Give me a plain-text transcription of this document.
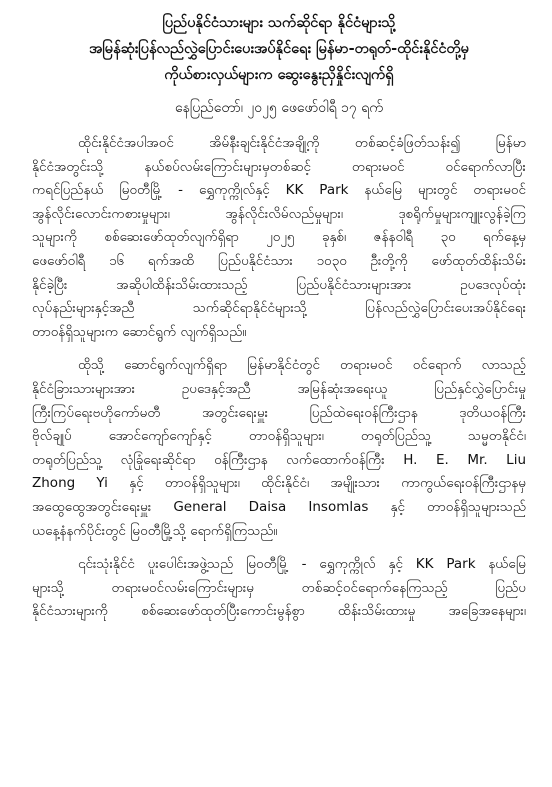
ပြည်ပနိုင်ငံသားများ သက်ဆိုင်ရာ နိုင်ငံများသို့
အမြန်ဆုံးပြန်လည်လွှဲပြောင်းပေးအပ်နိုင်ရေး မြန်မာ-တရုတ်-ထိုင်းနိုင်ငံတို့မှ
ကိုယ်စားလှယ်များက ဆွေးနွေးညှိနှိုင်းလျက်ရှိ
နေပြည်တော်၊ ၂၀၂၅ ဖေဖော်ဝါရီ ၁၇ ရက်

ထိုင်းနိုင်ငံအပါအဝင် အိမ်နီးချင်းနိုင်ငံအချို့ကို တစ်ဆင့်ခံဖြတ်သန်း၍ မြန်မာ
နိုင်ငံအတွင်းသို့ နယ်စပ်လမ်းကြောင်းများမှတစ်ဆင့် တရားမဝင် ဝင်ရောက်လာပြီး
ကရင်ပြည်နယ် မြဝတီမြို့ - ရွှေကုက္ကိုလ်နှင့် KK Park နယ်မြေ များတွင် တရားမဝင်
အွန်လိုင်းလောင်းကစားမှုများ၊ အွန်လိုင်းလိမ်လည်မှုများ၊ ဒုစရိုက်မှုများကျူးလွန်ခဲ့ကြ
သူများကို စစ်ဆေးဖော်ထုတ်လျက်ရှိရာ ၂၀၂၅ ခုနှစ်၊ ဇန်နဝါရီ ၃၀ ရက်နေ့မှ
ဖေဖော်ဝါရီ ၁၆ ရက်အထိ ပြည်ပနိုင်ငံသား ၁၀၃၀ ဦးတို့ကို ဖော်ထုတ်ထိန်းသိမ်း
နိုင်ခဲ့ပြီး အဆိုပါထိန်းသိမ်းထားသည့် ပြည်ပနိုင်ငံသားများအား ဥပဒေလုပ်ထုံး
လုပ်နည်းများနှင့်အညီ သက်ဆိုင်ရာနိုင်ငံများသို့ ပြန်လည်လွှဲပြောင်းပေးအပ်နိုင်ရေး
တာဝန်ရှိသူများက ဆောင်ရွက် လျက်ရှိသည်။

ထိုသို့ ဆောင်ရွက်လျက်ရှိရာ မြန်မာနိုင်ငံတွင် တရားမဝင် ဝင်ရောက် လာသည့်
နိုင်ငံခြားသားများအား ဥပဒေနှင့်အညီ အမြန်ဆုံးအရေးယူ ပြည်နှင်လွှဲပြောင်းမှု
ကြီးကြပ်ရေးဗဟိုကော်မတီ အတွင်းရေးမှူး ပြည်ထဲရေးဝန်ကြီးဌာန ဒုတိယဝန်ကြီး
ဗိုလ်ချုပ် အောင်ကျော်ကျော်နှင့် တာဝန်ရှိသူများ၊ တရုတ်ပြည်သူ့ သမ္မတနိုင်ငံ၊
တရုတ်ပြည်သူ့ လုံခြုံရေးဆိုင်ရာ ဝန်ကြီးဌာန လက်ထောက်ဝန်ကြီး H. E. Mr. Liu
Zhong Yi နှင့် တာဝန်ရှိသူများ၊ ထိုင်းနိုင်ငံ၊ အမျိုးသား ကာကွယ်ရေးဝန်ကြီးဌာနမှ
အထွေထွေအတွင်းရေးမှူး General Daisa Insomlas နှင့် တာဝန်ရှိသူများသည်
ယနေ့နံနက်ပိုင်းတွင် မြဝတီမြို့သို့ ရောက်ရှိကြသည်။

၎င်းသုံးနိုင်ငံ ပူးပေါင်းအဖွဲ့သည် မြဝတီမြို့ - ရွှေကုက္ကိုလ် နှင့် KK Park နယ်မြေ
များသို့ တရားမဝင်လမ်းကြောင်းများမှ တစ်ဆင့်ဝင်ရောက်နေကြသည့် ပြည်ပ
နိုင်ငံသားများကို စစ်ဆေးဖော်ထုတ်ပြီးကောင်းမွန်စွာ ထိန်းသိမ်းထားမှု အခြေအနေများ၊
